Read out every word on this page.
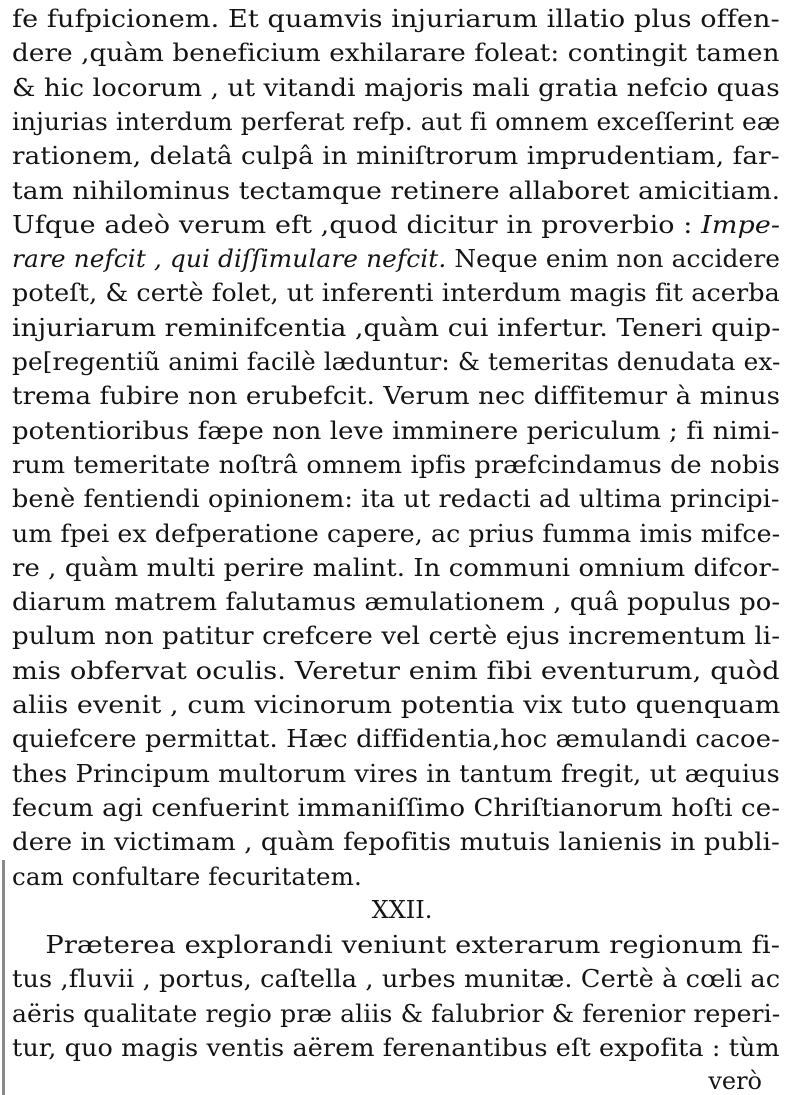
fe fufpicionem. Et quamvis injuriarum illatio plus offen-
dere ,quàm beneficium exhilarare foleat: contingit tamen
& hic locorum , ut vitandi majoris mali gratia nefcio quas
injurias interdum perferat refp. aut fi omnem exceſſerint eæ
rationem, delatâ culpâ in miniſtrorum imprudentiam, far-
tam nihilominus tectamque retinere allaboret amicitiam.
Ufque adeò verum eft ,quod dicitur in proverbio : Impe-
rare nefcit , qui diſſimulare nefcit. Neque enim non accidere
poteſt, & certè folet, ut inferenti interdum magis fit acerba
injuriarum reminifcentia ,quàm cui infertur. Teneri quip-
pe[regentiũ animi facilè læduntur: & temeritas denudata ex-
trema fubire non erubefcit. Verum nec diffitemur à minus
potentioribus fæpe non leve imminere periculum ; fi nimi-
rum temeritate noſtrâ omnem ipfis præfcindamus de nobis
benè fentiendi opinionem: ita ut redacti ad ultima principi-
um fpei ex defperatione capere, ac prius fumma imis mifce-
re , quàm multi perire malint. In communi omnium difcor-
diarum matrem falutamus æmulationem , quâ populus po-
pulum non patitur crefcere vel certè ejus incrementum li-
mis obfervat oculis. Veretur enim fibi eventurum, quòd
aliis evenit , cum vicinorum potentia vix tuto quenquam
quiefcere permittat. Hæc diffidentia,hoc æmulandi cacoe-
thes Principum multorum vires in tantum fregit, ut æquius
fecum agi cenfuerint immaniſſimo Chriſtianorum hoſti ce-
dere in victimam , quàm fepofitis mutuis lanienis in publi-
cam confultare fecuritatem.
XXII.
Præterea explorandi veniunt exterarum regionum fi-
tus ,fluvii , portus, caſtella , urbes munitæ. Certè à cœli ac
aëris qualitate regio præ aliis & falubrior & ferenior reperi-
tur, quo magis ventis aërem ferenantibus eſt expofita : tùm
verò
